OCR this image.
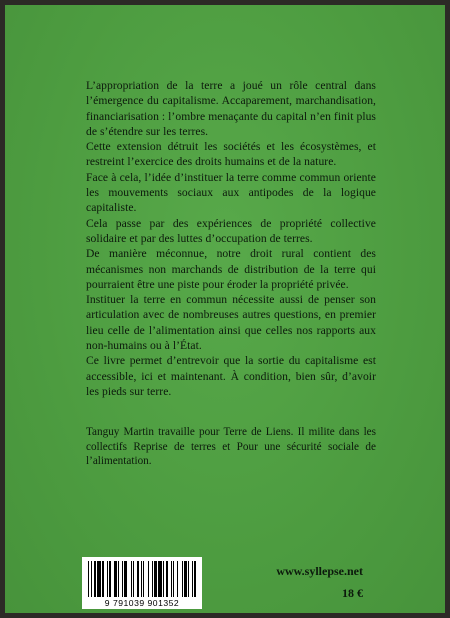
L’appropriation de la terre a joué un rôle central dans l’émergence du capitalisme. Accaparement, marchandisation, financiarisation : l’ombre menaçante du capital n’en finit plus de s’étendre sur les terres.

Cette extension détruit les sociétés et les écosystèmes, et restreint l’exercice des droits humains et de la nature.

Face à cela, l’idée d’instituer la terre comme commun oriente les mouvements sociaux aux antipodes de la logique capitaliste.

Cela passe par des expériences de propriété collective solidaire et par des luttes d’occupation de terres.

De manière méconnue, notre droit rural contient des mécanismes non marchands de distribution de la terre qui pourraient être une piste pour éroder la propriété privée.

Instituer la terre en commun nécessite aussi de penser son articulation avec de nombreuses autres questions, en premier lieu celle de l’alimentation ainsi que celles nos rapports aux non-humains ou à l’État.

Ce livre permet d’entrevoir que la sortie du capitalisme est accessible, ici et maintenant. À condition, bien sûr, d’avoir les pieds sur terre.

Tanguy Martin travaille pour Terre de Liens. Il milite dans les collectifs Reprise de terres et Pour une sécurité sociale de l’alimentation.

9 791039 901352
www.syllepse.net
18 €
